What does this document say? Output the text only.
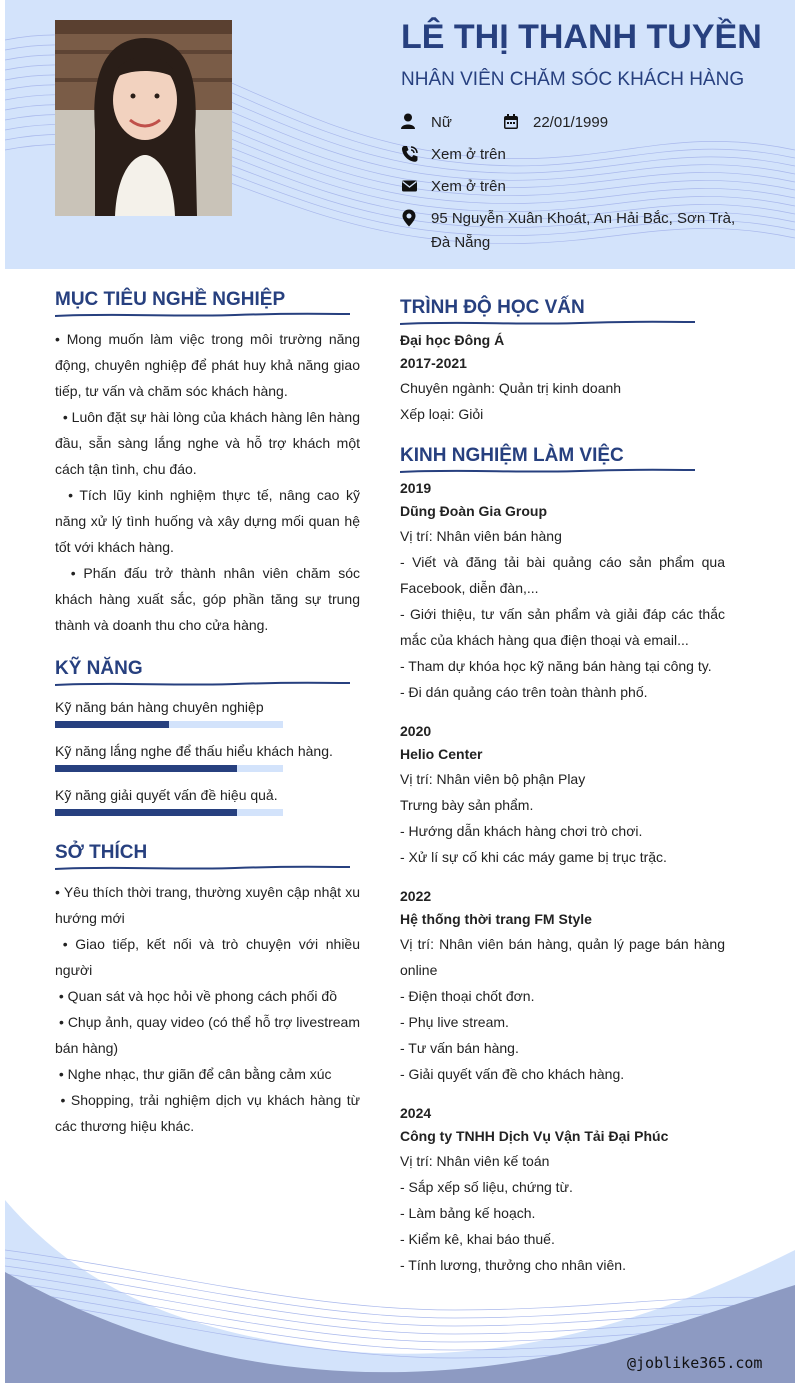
LÊ THỊ THANH TUYỀN
NHÂN VIÊN CHĂM SÓC KHÁCH HÀNG
Nữ	22/01/1999
Xem ở trên
Xem ở trên
95 Nguyễn Xuân Khoát, An Hải Bắc, Sơn Trà,
Đà Nẵng
MỤC TIÊU NGHỀ NGHIỆP

• Mong muốn làm việc trong môi trường năng động, chuyên nghiệp để phát huy khả năng giao tiếp, tư vấn và chăm sóc khách hàng.

• Luôn đặt sự hài lòng của khách hàng lên hàng đầu, sẵn sàng lắng nghe và hỗ trợ khách một cách tận tình, chu đáo.

• Tích lũy kinh nghiệm thực tế, nâng cao kỹ năng xử lý tình huống và xây dựng mối quan hệ tốt với khách hàng.

• Phấn đấu trở thành nhân viên chăm sóc khách hàng xuất sắc, góp phần tăng sự trung thành và doanh thu cho cửa hàng.

KỸ NĂNG
Kỹ năng bán hàng chuyên nghiệp
Kỹ năng lắng nghe để thấu hiểu khách hàng.
Kỹ năng giải quyết vấn đề hiệu quả.
SỞ THÍCH

• Yêu thích thời trang, thường xuyên cập nhật xu hướng mới

• Giao tiếp, kết nối và trò chuyện với nhiều người

• Quan sát và học hỏi về phong cách phối đồ

• Chụp ảnh, quay video (có thể hỗ trợ livestream bán hàng)

• Nghe nhạc, thư giãn để cân bằng cảm xúc

• Shopping, trải nghiệm dịch vụ khách hàng từ các thương hiệu khác.

TRÌNH ĐỘ HỌC VẤN
Đại học Đông Á
2017-2021
Chuyên ngành: Quản trị kinh doanh
Xếp loại: Giỏi
KINH NGHIỆM LÀM VIỆC
2019
Dũng Đoàn Gia Group
Vị trí: Nhân viên bán hàng
- Viết và đăng tải bài quảng cáo sản phẩm qua Facebook, diễn đàn,...
- Giới thiệu, tư vấn sản phẩm và giải đáp các thắc mắc của khách hàng qua điện thoại và email...
- Tham dự khóa học kỹ năng bán hàng tại công ty.
- Đi dán quảng cáo trên toàn thành phố.
2020
Helio Center
Vị trí: Nhân viên bộ phận Play
Trưng bày sản phẩm.
- Hướng dẫn khách hàng chơi trò chơi.
- Xử lí sự cố khi các máy game bị trục trặc.
2022
Hệ thống thời trang FM Style
Vị trí: Nhân viên bán hàng, quản lý page bán hàng online
- Điện thoại chốt đơn.
- Phụ live stream.
- Tư vấn bán hàng.
- Giải quyết vấn đề cho khách hàng.
2024
Công ty TNHH Dịch Vụ Vận Tải Đại Phúc
Vị trí: Nhân viên kế toán
- Sắp xếp số liệu, chứng từ.
- Làm bảng kế hoạch.
- Kiểm kê, khai báo thuế.
- Tính lương, thưởng cho nhân viên.
@joblike365.com
